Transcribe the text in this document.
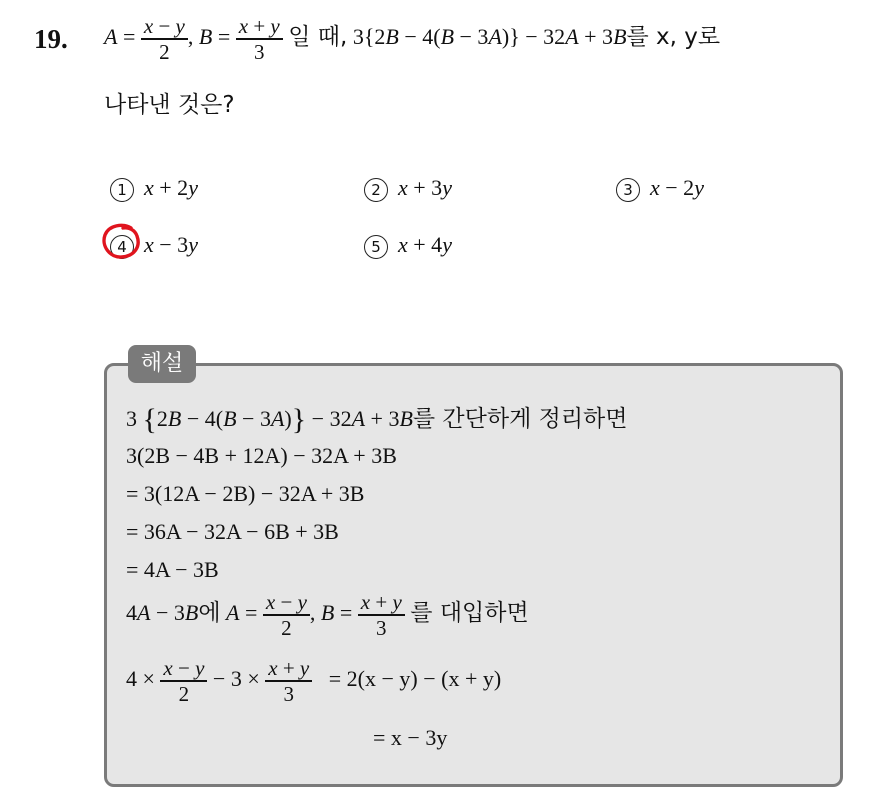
19. $A = \frac{x - y}{2}$ , $B = \frac{x + y}{3}$ 일 때, 3{2B − 4(B − 3A)} − 32A + 3B를 x, y로
나타낸 것은?
1 x + 2y	2 x + 3y	3 x − 2y
4 x − 3y	5 x + 4y
해설
3 {2B − 4(B − 3A)} − 32A + 3B를 간단하게 정리하면
3(2B − 4B + 12A) − 32A + 3B
= 3(12A − 2B) − 32A + 3B
= 36A − 32A − 6B + 3B
= 4A − 3B
4A − 3B에 $A = \frac{x - y}{2}$ , $B = \frac{x + y}{3}$ 를 대입하면
$4 \times \frac{x - y}{2} - 3 \times \frac{x + y}{3} = 2(x - y) - (x + y)$
= x − 3y
